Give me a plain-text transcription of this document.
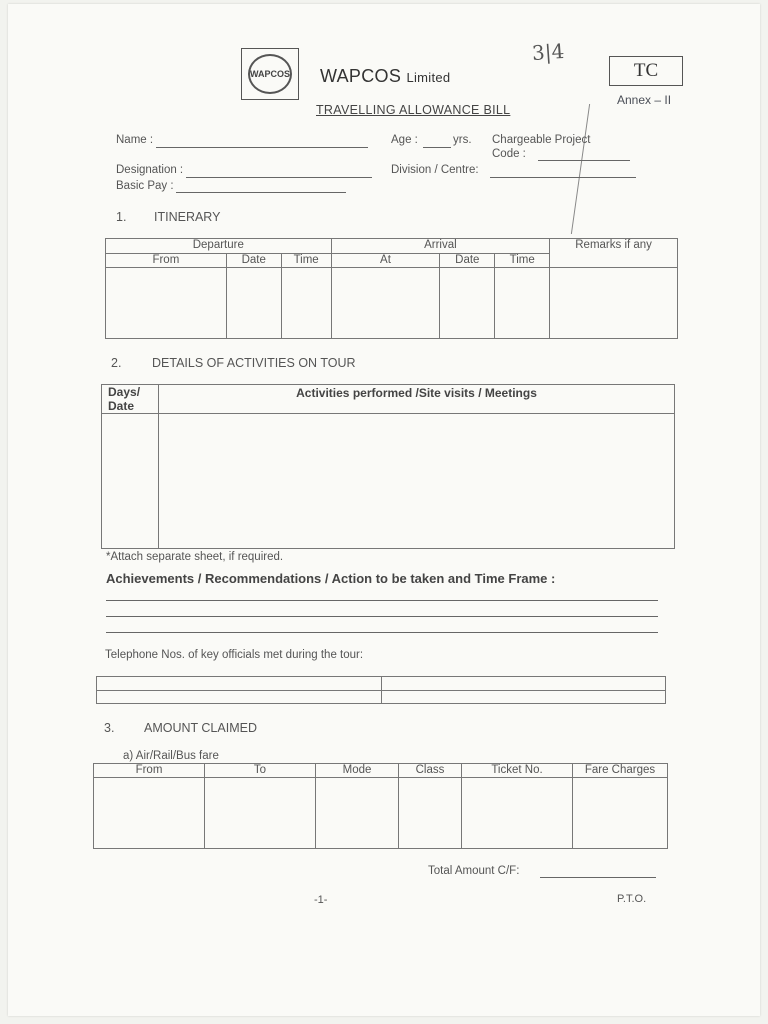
WAPCOS WAPCOS Limited
3|4
TC
Annex – II
TRAVELLING ALLOWANCE BILL
Name :	Age :	yrs. Chargeable Project
Code :
Designation :	Division / Centre:
Basic Pay :
1. ITINERARY
Departure			Arrival			Remarks if any
From	Date	Time	At	Date	Time	

2. DETAILS OF ACTIVITIES ON TOUR
Days/ Date	Activities performed /Site visits / Meetings

*Attach separate sheet, if required.
Achievements / Recommendations / Action to be taken and Time Frame :
Telephone Nos. of key officials met during the tour:

3. AMOUNT CLAIMED
a) Air/Rail/Bus fare
From	To	Mode	Class	Ticket No.	Fare Charges

Total Amount C/F:
-1-	P.T.O.
